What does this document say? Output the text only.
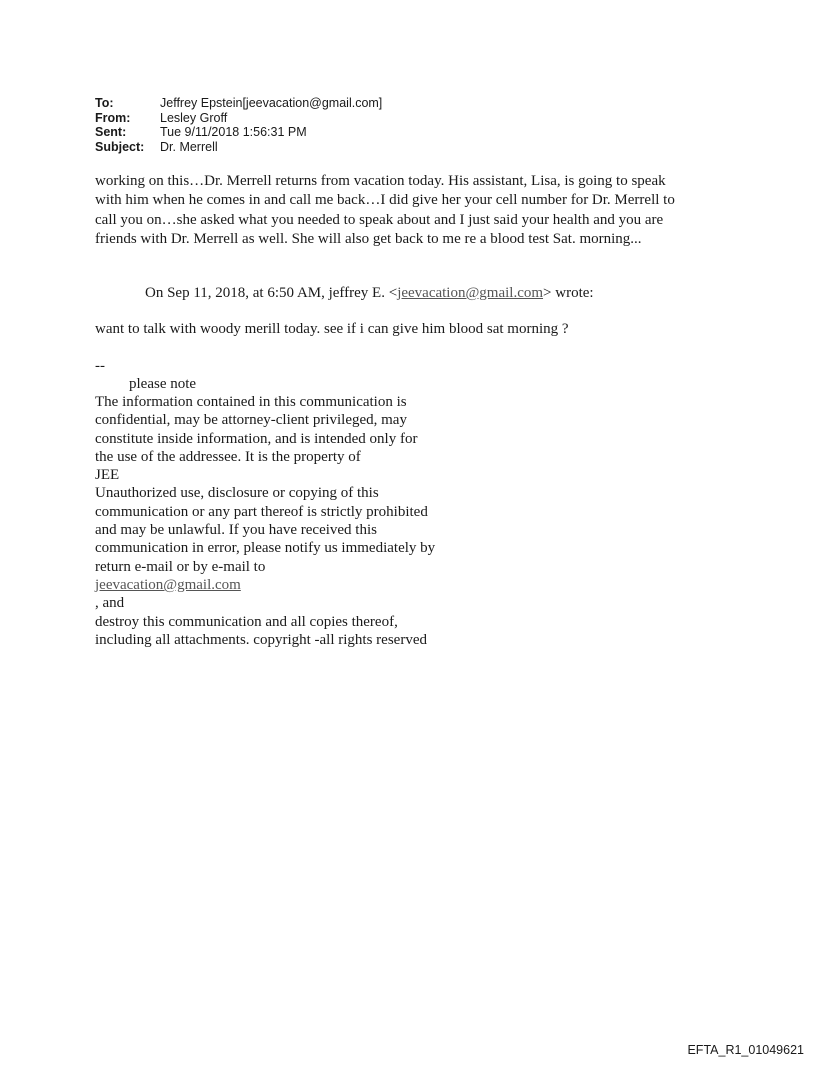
To:	Jeffrey Epstein[jeevacation@gmail.com]
From:	Lesley Groff
Sent:	Tue 9/11/2018 1:56:31 PM
Subject:	Dr. Merrell
working on this…Dr. Merrell returns from vacation today. His assistant, Lisa, is going to speak
with him when he comes in and call me back…I did give her your cell number for Dr. Merrell to
call you on…she asked what you needed to speak about and I just said your health and you are
friends with Dr. Merrell as well. She will also get back to me re a blood test Sat. morning...
On Sep 11, 2018, at 6:50 AM, jeffrey E. <jeevacation@gmail.com> wrote:
want to talk with woody merill today. see if i can give him blood sat morning ?
--
please note
The information contained in this communication is
confidential, may be attorney-client privileged, may
constitute inside information, and is intended only for
the use of the addressee. It is the property of
JEE
Unauthorized use, disclosure or copying of this
communication or any part thereof is strictly prohibited
and may be unlawful. If you have received this
communication in error, please notify us immediately by
return e-mail or by e-mail to
jeevacation@gmail.com
, and
destroy this communication and all copies thereof,
including all attachments. copyright -all rights reserved
EFTA_R1_01049621
